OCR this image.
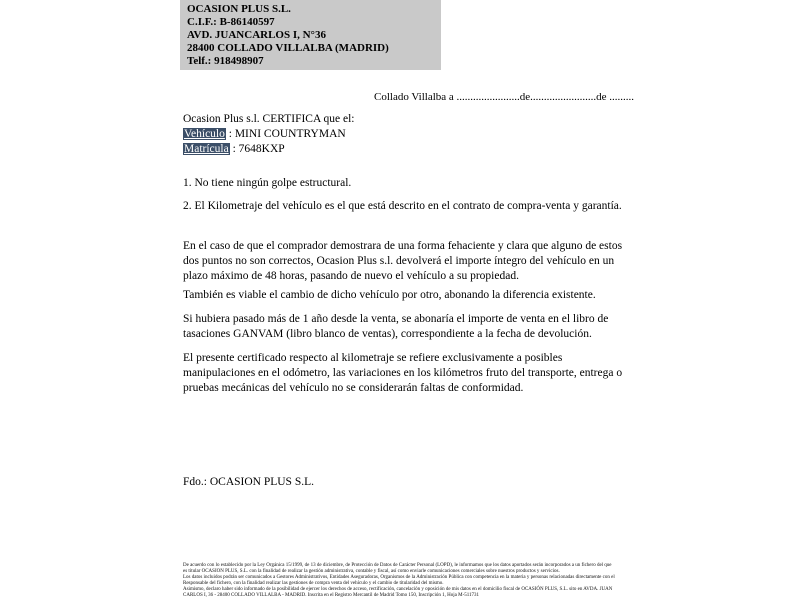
OCASION PLUS S.L.
C.I.F.: B-86140597
AVD. JUANCARLOS I, N°36
28400 COLLADO VILLALBA (MADRID)
Telf.: 918498907
Collado Villalba a .......................de........................de .........
Ocasion Plus s.l. CERTIFICA que el:
Vehículo : MINI COUNTRYMAN
Matrícula : 7648KXP
1. No tiene ningún golpe estructural.
2. El Kilometraje del vehículo es el que está descrito en el contrato de compra-venta y garantía.

En el caso de que el comprador demostrara de una forma fehaciente y clara que alguno de estos dos puntos no son correctos, Ocasion Plus s.l. devolverá el importe íntegro del vehículo en un plazo máximo de 48 horas, pasando de nuevo el vehículo a su propiedad.

También es viable el cambio de dicho vehículo por otro, abonando la diferencia existente.

Si hubiera pasado más de 1 año desde la venta, se abonaría el importe de venta en el libro de tasaciones GANVAM (libro blanco de ventas), correspondiente a la fecha de devolución.

El presente certificado respecto al kilometraje se refiere exclusivamente a posibles manipulaciones en el odómetro, las variaciones en los kilómetros fruto del transporte, entrega o pruebas mecánicas del vehículo no se considerarán faltas de conformidad.

Fdo.: OCASION PLUS S.L.

De acuerdo con lo establecido por la Ley Orgánica 15/1999, de 13 de diciembre, de Protección de Datos de Carácter Personal (LOPD), le informamos que los datos aportados serán incorporados a un fichero del que es titular OCASION PLUS, S.L. con la finalidad de realizar la gestión administrativa, contable y fiscal, así como enviarle comunicaciones comerciales sobre nuestros productos y servicios.

Los datos incluidos podrán ser comunicados a Gestores Administrativos, Entidades Aseguradoras, Organismos de la Administración Pública con competencia en la materia y personas relacionadas directamente con el Responsable del fichero, con la finalidad realizar las gestiones de compra venta del vehículo y el cambio de titularidad del mismo.

Asimismo, declaro haber sido informado de la posibilidad de ejercer los derechos de acceso, rectificación, cancelación y oposición de mis datos en el domicilio fiscal de OCASIÓN PLUS, S.L. sito en AVDA. JUAN CARLOS I, 36 - 28400 COLLADO VILLALBA - MADRID. Inscrita en el Registro Mercantil de Madrid Tomo 150, Inscripción 1, Hoja M-511731
